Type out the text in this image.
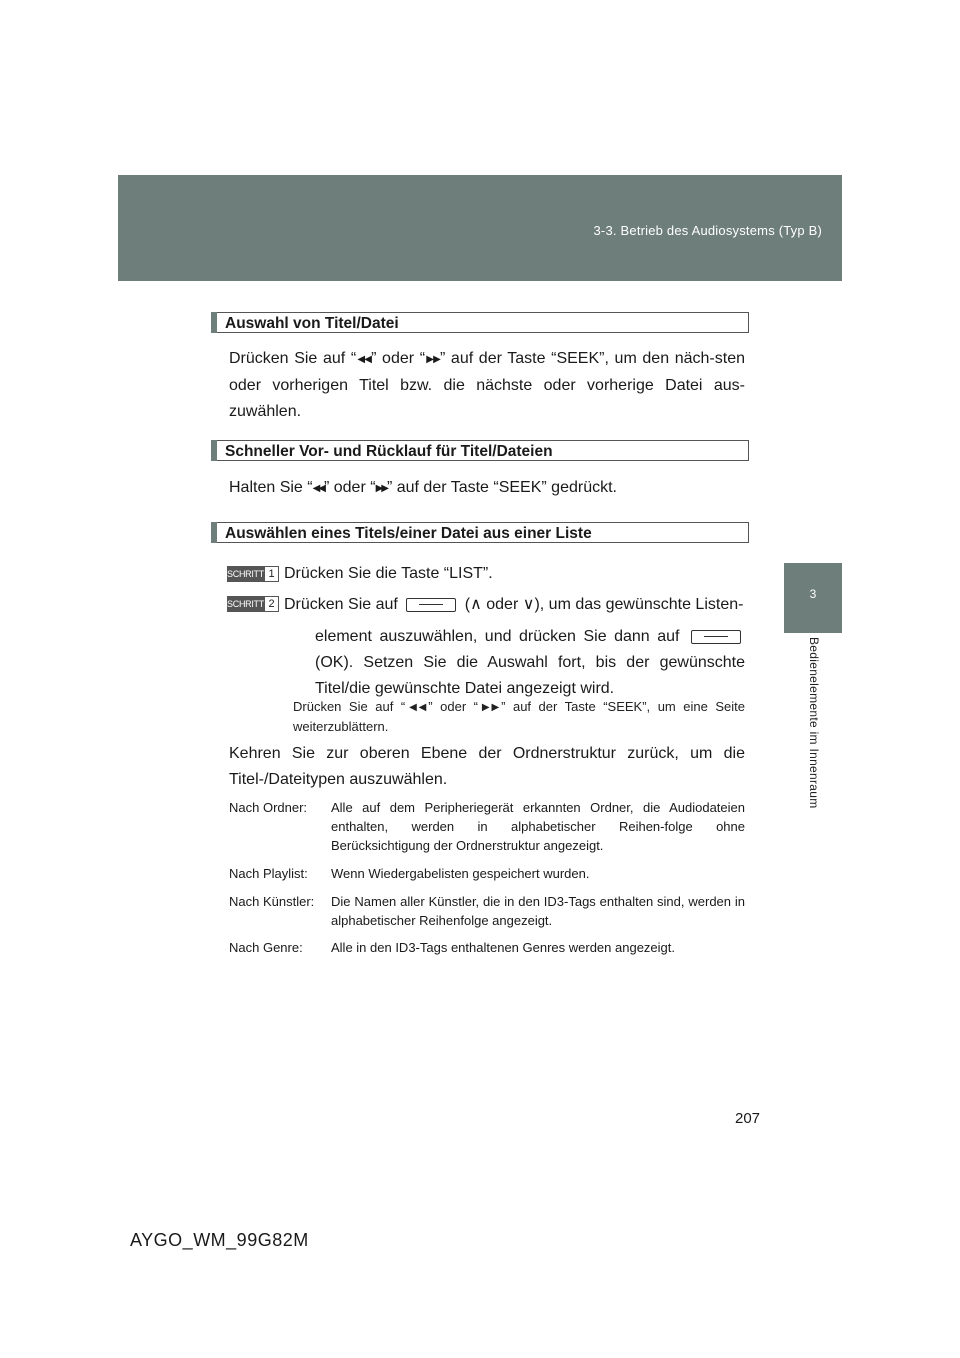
3-3. Betrieb des Audiosystems (Typ B)
3
Bedienelemente im Innenraum
Auswahl von Titel/Datei
Drücken Sie auf “◀◀” oder “▶▶” auf der Taste “SEEK”, um den näch-sten oder vorherigen Titel bzw. die nächste oder vorherige Datei aus-zuwählen.
Schneller Vor- und Rücklauf für Titel/Dateien
Halten Sie “◀◀” oder “▶▶” auf der Taste “SEEK” gedrückt.
Auswählen eines Titels/einer Datei aus einer Liste
SCHRITT 1 Drücken Sie die Taste “LIST”.
SCHRITT 2 Drücken Sie auf	(∧ oder ∨), um das gewünschte Listen-
element auszuwählen, und drücken Sie dann auf  (OK). Setzen Sie die Auswahl fort, bis der gewünschte Titel/die gewünschte Datei angezeigt wird.
Drücken Sie auf “◀◀” oder “▶▶” auf der Taste “SEEK”, um eine Seite weiterzublättern.
Kehren Sie zur oberen Ebene der Ordnerstruktur zurück, um die Titel-/Dateitypen auszuwählen.
Nach Ordner: Alle auf dem Peripheriegerät erkannten Ordner, die Audiodateien enthalten, werden in alphabetischer Reihen-folge ohne Berücksichtigung der Ordnerstruktur angezeigt.
Nach Playlist: Wenn Wiedergabelisten gespeichert wurden.
Nach Künstler: Die Namen aller Künstler, die in den ID3-Tags enthalten sind, werden in alphabetischer Reihenfolge angezeigt.
Nach Genre: Alle in den ID3-Tags enthaltenen Genres werden angezeigt.
207
AYGO_WM_99G82M
